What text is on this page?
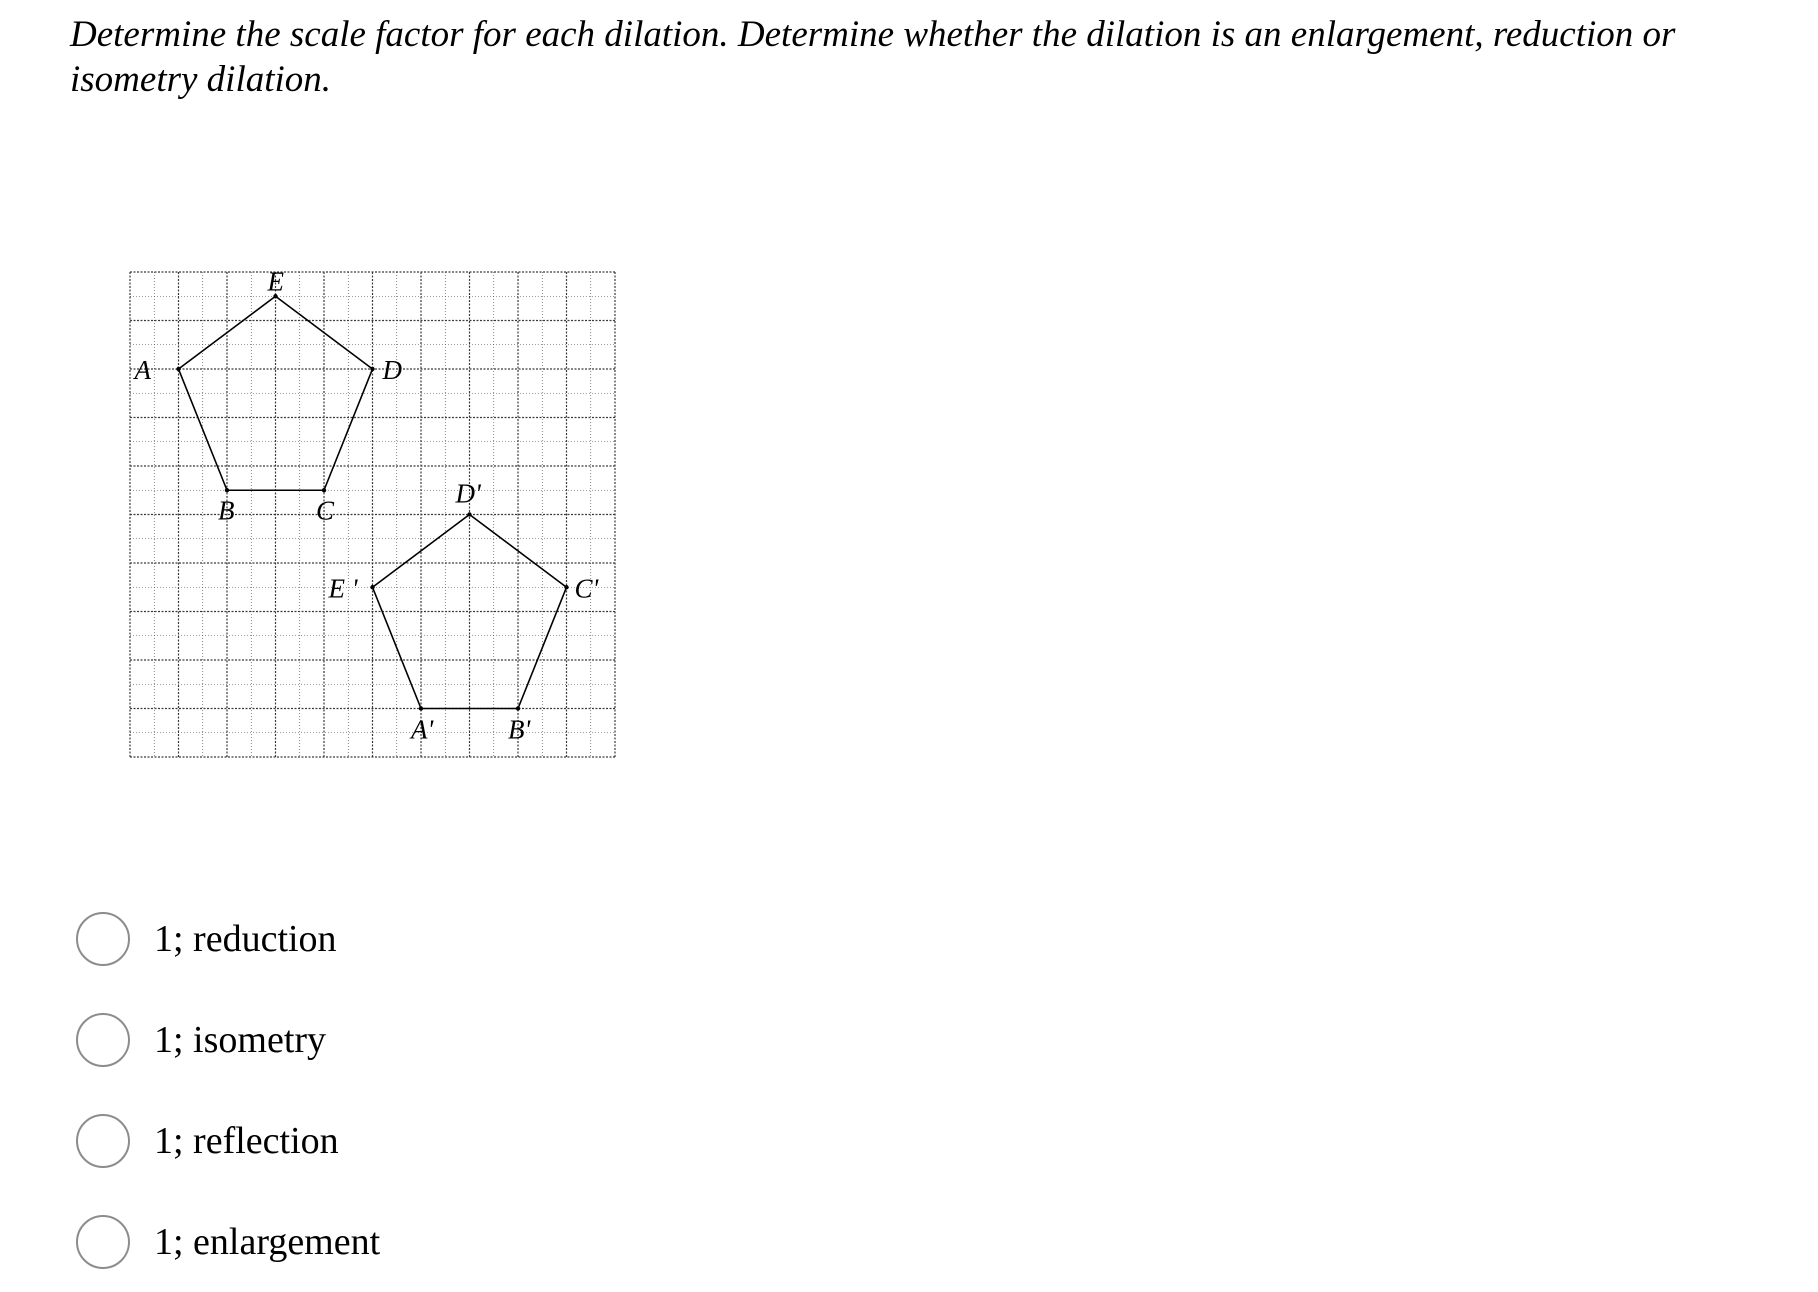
Determine the scale factor for each dilation. Determine whether the dilation is an enlargement, reduction or isometry dilation.

E
A
B	C
D
D'
E '	C'
A'	B'
1; reduction
1; isometry
1; reflection
1; enlargement
